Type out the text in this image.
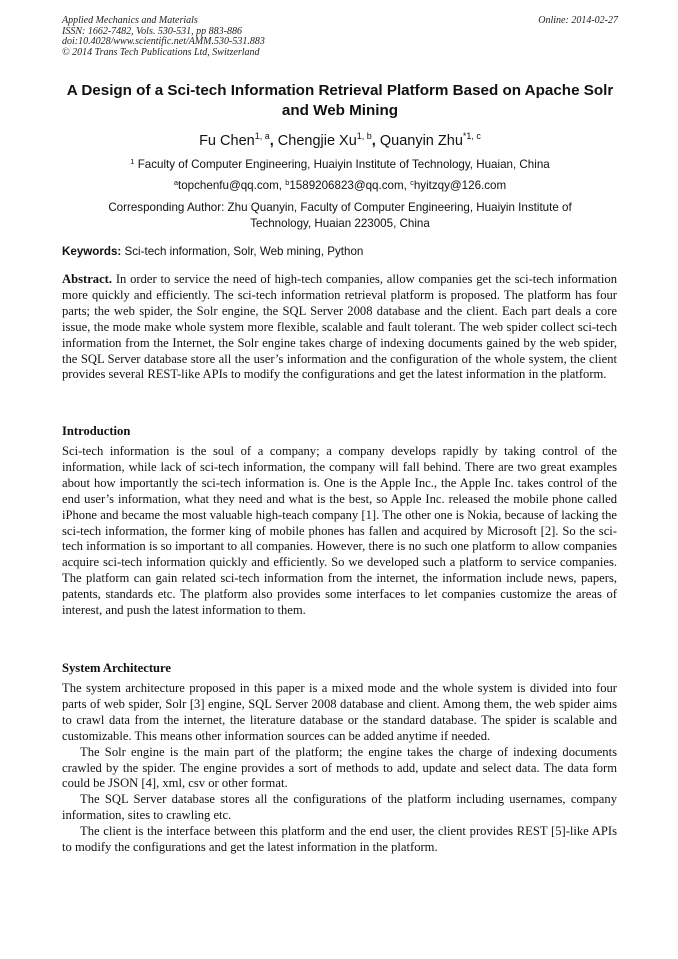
Applied Mechanics and Materials
ISSN: 1662-7482, Vols. 530-531, pp 883-886
doi:10.4028/www.scientific.net/AMM.530-531.883
© 2014 Trans Tech Publications Ltd, Switzerland
Online: 2014-02-27
A Design of a Sci-tech Information Retrieval Platform Based on Apache Solr and Web Mining
Fu Chen$^{1, a}$, Chengjie Xu$^{1, b}$, Quanyin Zhu$^{*1, c}$
$^1$ Faculty of Computer Engineering, Huaiyin Institute of Technology, Huaian, China
$^a$topchenfu@qq.com, $^b$1589206823@qq.com, $^c$hyitzqy@126.com
Corresponding Author: Zhu Quanyin, Faculty of Computer Engineering, Huaiyin Institute of Technology, Huaian 223005, China
Keywords: Sci-tech information, Solr, Web mining, Python
Abstract. In order to service the need of high-tech companies, allow companies get the sci-tech information more quickly and efficiently. The sci-tech information retrieval platform is proposed. The platform has four parts; the web spider, the Solr engine, the SQL Server 2008 database and the client. Each part deals a core issue, the mode make whole system more flexible, scalable and fault tolerant. The web spider collect sci-tech information from the Internet, the Solr engine takes charge of indexing documents gained by the web spider, the SQL Server database store all the user’s information and the configuration of the whole system, the client provides several REST-like APIs to modify the configurations and get the latest information in the platform.
Introduction
Sci-tech information is the soul of a company; a company develops rapidly by taking control of the information, while lack of sci-tech information, the company will fall behind. There are two great examples about how importantly the sci-tech information is. One is the Apple Inc., the Apple Inc. takes control of the end user’s information, what they need and what is the best, so Apple Inc. released the mobile phone called iPhone and became the most valuable high-teach company [1]. The other one is Nokia, because of lacking the sci-tech information, the former king of mobile phones has fallen and acquired by Microsoft [2]. So the sci-tech information is so important to all companies. However, there is no such one platform to allow companies acquire sci-tech information quickly and efficiently. So we developed such a platform to service companies. The platform can gain related sci-tech information from the internet, the information include news, papers, patents, standards etc. The platform also provides some interfaces to let companies customize the areas of interest, and push the latest information to them.
System Architecture
The system architecture proposed in this paper is a mixed mode and the whole system is divided into four parts of web spider, Solr [3] engine, SQL Server 2008 database and client. Among them, the web spider aims to crawl data from the internet, the literature database or the standard database. The spider is scalable and customizable. This means other information sources can be added anytime if needed.
The Solr engine is the main part of the platform; the engine takes the charge of indexing documents crawled by the spider. The engine provides a sort of methods to add, update and select data. The data form could be JSON [4], xml, csv or other format.
The SQL Server database stores all the configurations of the platform including usernames, company information, sites to crawling etc.
The client is the interface between this platform and the end user, the client provides REST [5]-like APIs to modify the configurations and get the latest information in the platform.
